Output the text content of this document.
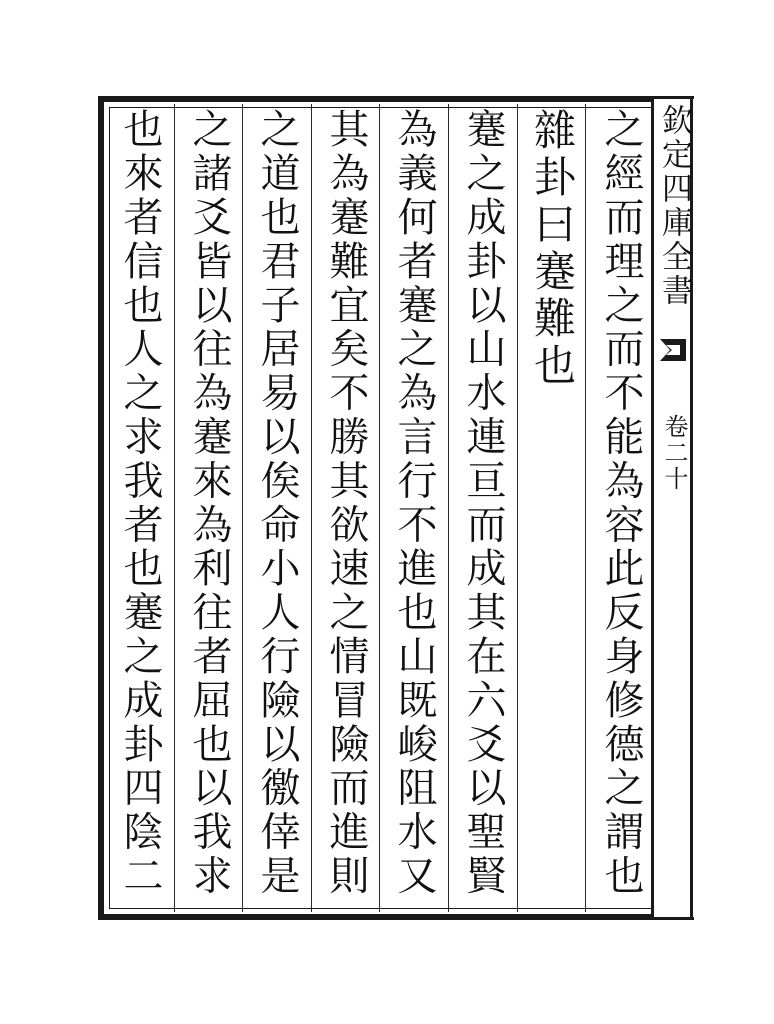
之經而理之而不能為容此反身修德之謂也
雜卦曰蹇難也
蹇之成卦以山水連亘而成其在六爻以聖賢
為義何者蹇之為言行不進也山既峻阻水又
其為蹇難宜矣不勝其欲速之情冒險而進則
之道也君子居易以俟命小人行險以徼倖是
之諸爻皆以往為蹇來為利往者屈也以我求
也來者信也人之求我者也蹇之成卦四陰二
欽定四庫全書
卷二十
